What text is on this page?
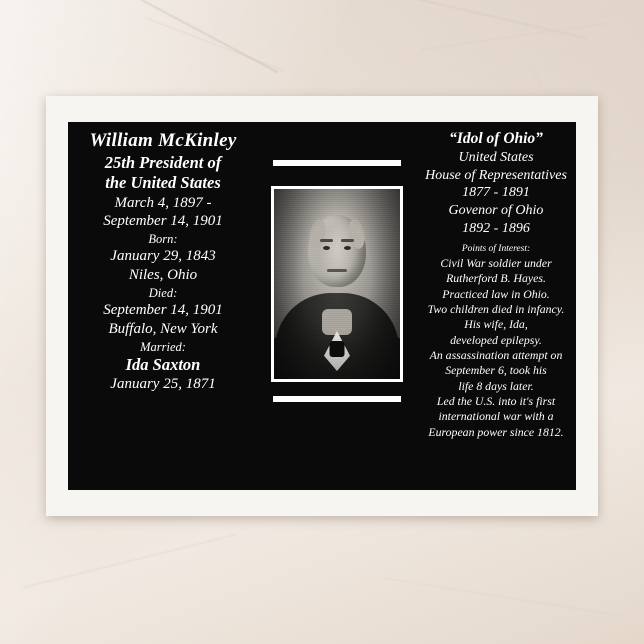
William McKinley
25th President of
the United States
March 4, 1897 -
September 14, 1901
Born:
January 29, 1843
Niles, Ohio
Died:
September 14, 1901
Buffalo, New York
Married:
Ida Saxton
January 25, 1871
“Idol of Ohio”
United States
House of Representatives
1877 - 1891
Govenor of Ohio
1892 - 1896
Points of Interest:
Civil War soldier under
Rutherford B. Hayes.
Practiced law in Ohio.
Two children died in infancy.
His wife, Ida,
developed epilepsy.
An assassination attempt on
September 6, took his
life 8 days later.
Led the U.S. into it's first
international war with a
European power since 1812.
